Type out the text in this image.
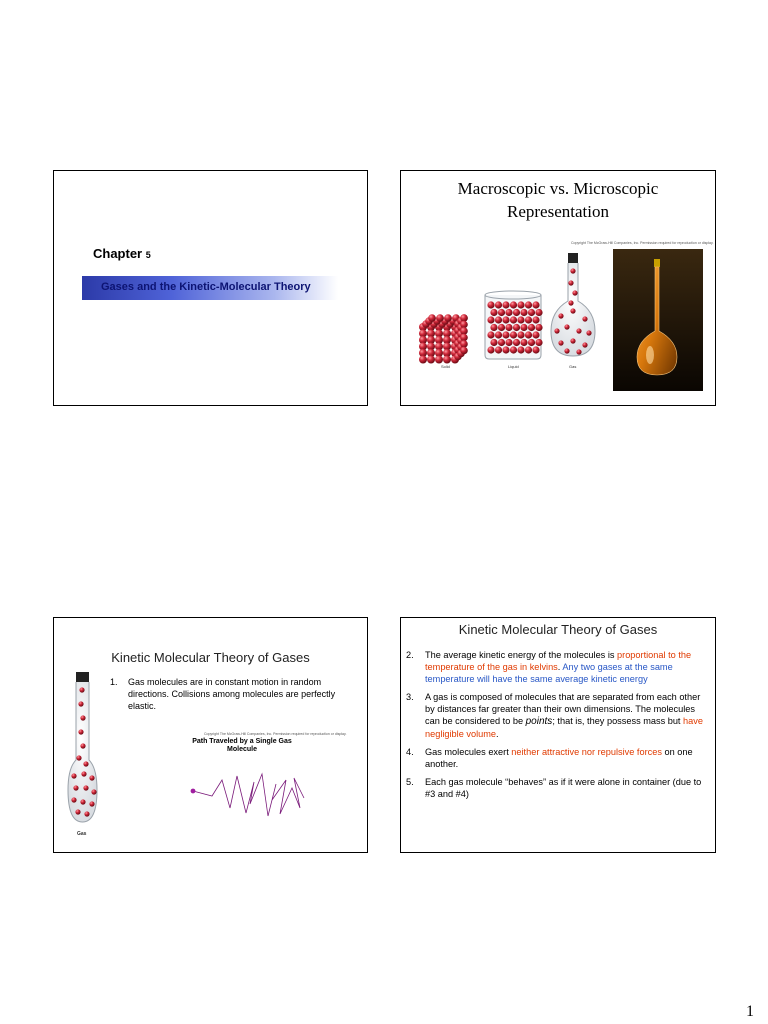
Chapter 5
Gases and the Kinetic-Molecular Theory
Macroscopic vs. Microscopic
Representation
Copyright The McGraw-Hill Companies, Inc. Permission required for reproduction or display.
Solid	Liquid	Gas
Kinetic Molecular Theory of Gases
1. Gas molecules are in constant motion in random directions. Collisions among molecules are perfectly elastic.
Copyright The McGraw-Hill Companies, Inc. Permission required for reproduction or display.
Path Traveled by a Single Gas Molecule
Gas
Kinetic Molecular Theory of Gases
2. The average kinetic energy of the molecules is proportional to the temperature of the gas in kelvins. Any two gases at the same temperature will have the same average kinetic energy
3. A gas is composed of molecules that are separated from each other by distances far greater than their own dimensions. The molecules can be considered to be points; that is, they possess mass but have negligible volume.
4. Gas molecules exert neither attractive nor repulsive forces on one another.
5. Each gas molecule “behaves” as if it were alone in container (due to #3 and #4)
1
